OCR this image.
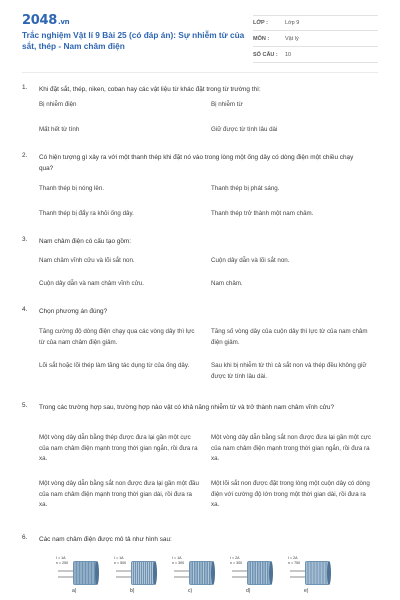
2048.vn
Trắc nghiệm Vật lí 9 Bài 25 (có đáp án): Sự nhiễm từ của sắt, thép - Nam châm điện
LỚP :	Lớp 9
MÔN :	Vật lý
SỐ CÂU :	10
1. Khi đặt sắt, thép, niken, coban hay các vật liệu từ khác đặt trong từ trường thì:
Bị nhiễm điện	Bị nhiễm từ
Mất hết từ tính	Giữ được từ tính lâu dài
2. Có hiện tượng gì xảy ra với một thanh thép khi đặt nó vào trong lòng một ống dây có dòng điện một chiều chạy qua?
Thanh thép bị nóng lên.	Thanh thép bị phát sáng.
Thanh thép bị đẩy ra khỏi ống dây.	Thanh thép trở thành một nam châm.
3. Nam châm điện có cấu tạo gồm:
Nam châm vĩnh cửu và lõi sắt non.	Cuộn dây dẫn và lõi sắt non.
Cuộn dây dẫn và nam châm vĩnh cửu.	Nam châm.
4. Chọn phương án đúng?
Tăng cường độ dòng điện chạy qua các vòng dây thì lực từ của nam châm điện giảm.
Tăng số vòng dây của cuộn dây thì lực từ của nam châm điện giảm.
Lõi sắt hoặc lõi thép làm tăng tác dụng từ của ống dây.	Sau khi bị nhiễm từ thì cả sắt non và thép đều không giữ được từ tính lâu dài.
5. Trong các trường hợp sau, trường hợp nào vật có khả năng nhiễm từ và trở thành nam châm vĩnh cửu?
Một vòng dây dẫn bằng thép được đưa lại gần một cực của nam châm điện mạnh trong thời gian ngắn, rồi đưa ra xa.
Một vòng dây dẫn bằng sắt non được đưa lại gần một cực của nam châm điện mạnh trong thời gian ngắn, rồi đưa ra xa.
Một vòng dây dẫn bằng sắt non được đưa lại gần một đầu của nam châm điện mạnh trong thời gian dài, rồi đưa ra xa.
Một lõi sắt non được đặt trong lòng một cuộn dây có dòng điện với cường độ lớn trong một thời gian dài, rồi đưa ra xa.
6. Các nam châm điện được mô tả như hình sau:
I = 1A
n = 250
a)
I = 1A
n = 500
b)
I = 1A
n = 300
c)
I = 2A
n = 300
d)
I = 2A
n = 750
e)
